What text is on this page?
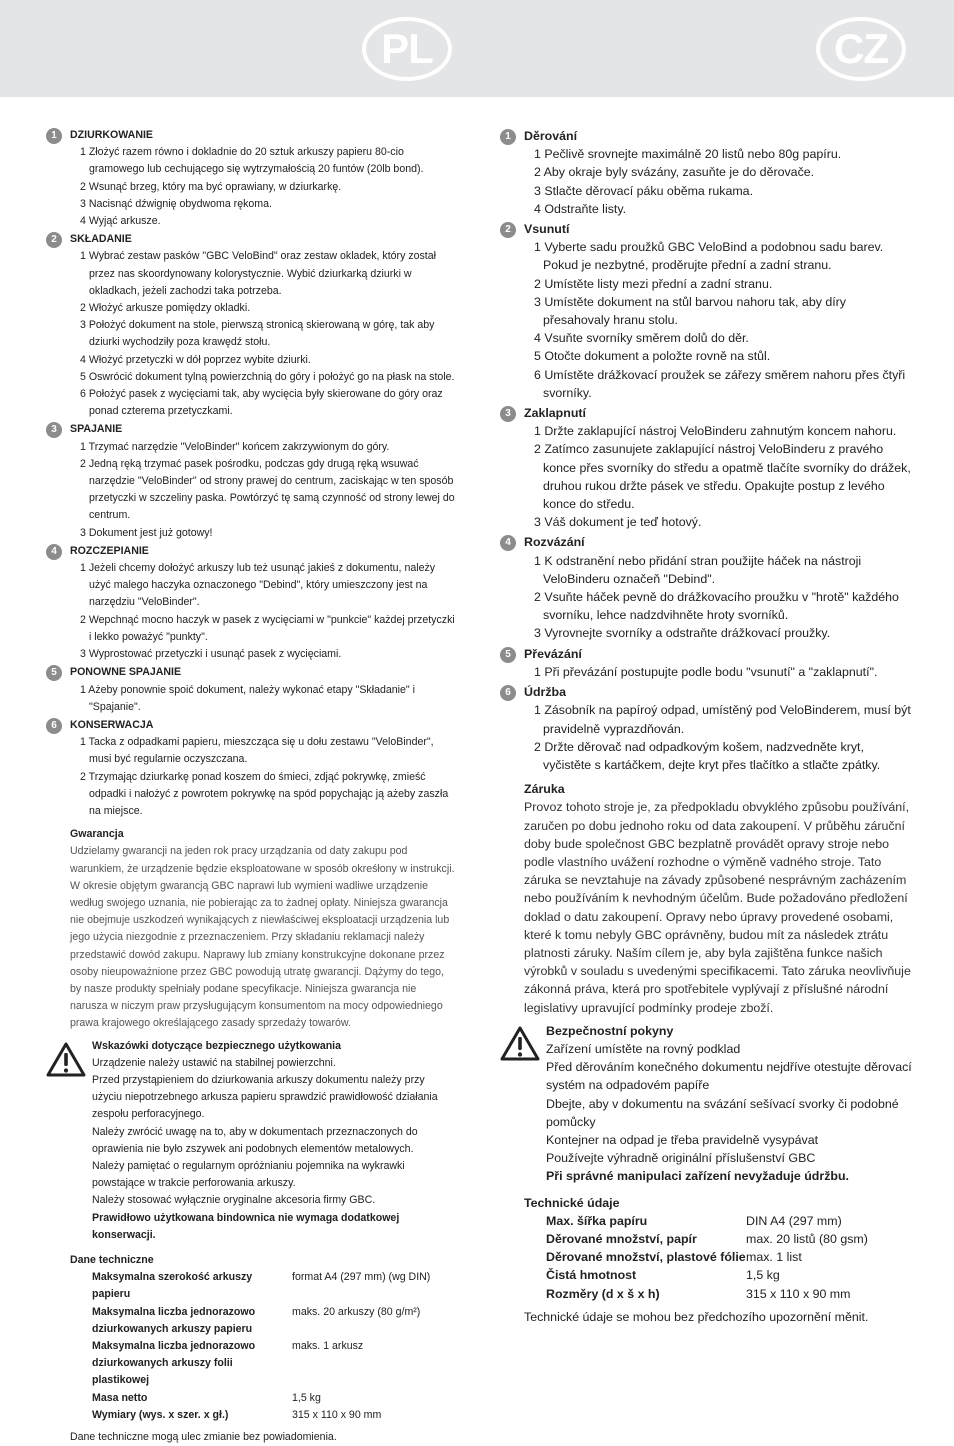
PL	CZ
1	DZIURKOWANIE
1 Złożyć razem równo i dokladnie do 20 sztuk arkuszy papieru 80-cio gramowego lub cechującego się wytrzymałością 20 funtów (20lb bond).
2 Wsunąć brzeg, który ma być oprawiany, w dziurkarkę.
3 Nacisnąć dźwignię obydwoma rękoma.
4 Wyjąć arkusze.
2	SKŁADANIE
1 Wybrać zestaw pasków "GBC VeloBind" oraz zestaw okladek, który został przez nas skoordynowany kolorystycznie. Wybić dziurkarką dziurki w okladkach, jeżeli zachodzi taka potrzeba.
2 Włożyć arkusze pomiędzy okladki.
3 Położyć dokument na stole, pierwszą stronicą skierowaną w górę, tak aby dziurki wychodziły poza krawędź stołu.
4 Włożyć przetyczki w dół poprzez wybite dziurki.
5 Oswrócić dokument tylną powierzchnią do góry i położyć go na płask na stole.
6 Położyć pasek z wycięciami tak, aby wycięcia były skierowane do góry oraz ponad czterema przetyczkami.
3	SPAJANIE
1 Trzymać narzędzie "VeloBinder" końcem zakrzywionym do góry.
2 Jedną ręką trzymać pasek pośrodku, podczas gdy drugą ręką wsuwać narzędzie "VeloBinder" od strony prawej do centrum, zaciskając w ten sposób przetyczki w szczeliny paska. Powtórzyć tę samą czynność od strony lewej do centrum.
3 Dokument jest już gotowy!
4	ROZCZEPIANIE
1 Jeżeli chcemy dołożyć arkuszy lub też usunąć jakieś z dokumentu, należy użyć malego haczyka oznaczonego "Debind", który umieszczony jest na narzędziu "VeloBinder".
2 Wepchnąć mocno haczyk w pasek z wycięciami w "punkcie" każdej przetyczki i lekko poważyć "punkty".
3 Wyprostować przetyczki i usunąć pasek z wycięciami.
5	PONOWNE SPAJANIE
1 Ażeby ponownie spoić dokument, należy wykonać etapy "Składanie" i "Spajanie".
6	KONSERWACJA
1 Tacka z odpadkami papieru, mieszcząca się u dołu zestawu "VeloBinder", musi być regularnie oczyszczana.
2 Trzymając dziurkarkę ponad koszem do śmieci, zdjąć pokrywkę, zmieść odpadki i nałożyć z powrotem pokrywkę na spód popychając ją ażeby zaszła na miejsce.
Gwarancja
Udzielamy gwarancji na jeden rok pracy urządzania od daty zakupu pod warunkiem, że urządzenie będzie eksploatowane w sposób okreśłony w instrukcji. W okresie objętym gwarancją GBC naprawi lub wymieni wadliwe urządzenie według swojego uznania, nie pobierając za to żadnej opłaty. Niniejsza gwarancja nie obejmuje uszkodzeń wynikających z niewłaściwej eksploatacji urządzenia lub jego użycia niezgodnie z przeznaczeniem. Przy składaniu reklamacji należy przedstawić dowód zakupu. Naprawy lub zmiany konstrukcyjne dokonane przez osoby nieupoważnione przez GBC powodują utratę gwarancji. Dążymy do tego, by nasze produkty spełniały podane specyfikacje. Niniejsza gwarancja nie narusza w niczym praw przysługującym konsumentom na mocy odpowiedniego prawa krajowego określającego zasady sprzedaży towarów.
Wskazówki dotyczące bezpiecznego użytkowania
Urządzenie należy ustawić na stabilnej powierzchni.
Przed przystąpieniem do dziurkowania arkuszy dokumentu należy przy użyciu niepotrzebnego arkusza papieru sprawdzić prawidłowość działania zespołu perforacyjnego.
Należy zwrócić uwagę na to, aby w dokumentach przeznaczonych do oprawienia nie było zszywek ani podobnych elementów metalowych.
Należy pamiętać o regularnym opróżnianiu pojemnika na wykrawki powstające w trakcie perforowania arkuszy.
Należy stosować wyłącznie oryginalne akcesoria firmy GBC.
Prawidłowo użytkowana bindownica nie wymaga dodatkowej konserwacji.
Dane techniczne
Maksymalna szerokość arkuszy papieru	format A4 (297 mm) (wg DIN)
Maksymalna liczba jednorazowo dziurkowanych arkuszy papieru	maks. 20 arkuszy (80 g/m²)
Maksymalna liczba jednorazowo dziurkowanych arkuszy folii plastikowej	maks. 1 arkusz
Masa netto	1,5 kg
Wymiary (wys. x szer. x gł.)	315 x 110 x 90 mm
Dane techniczne mogą ulec zmianie bez powiadomienia.
1	Děrování
1 Pečlivě srovnejte maximálně 20 listů nebo 80g papíru.
2 Aby okraje byly svázány, zasuňte je do děrovače.
3 Stlačte děrovací páku oběma rukama.
4 Odstraňte listy.
2	Vsunutí
1 Vyberte sadu proužků GBC VeloBind a podobnou sadu barev. Pokud je nezbytné, proděrujte přední a zadní stranu.
2 Umístěte listy mezi přední a zadní stranu.
3 Umístěte dokument na stůl barvou nahoru tak, aby díry přesahovaly hranu stolu.
4 Vsuňte svorníky směrem dolů do děr.
5 Otočte dokument a položte rovně na stůl.
6 Umístěte drážkovací proužek se zářezy směrem nahoru přes čtyři svorníky.
3	Zaklapnutí
1 Držte zaklapující nástroj VeloBinderu zahnutým koncem nahoru.
2 Zatímco zasunujete zaklapující nástroj VeloBinderu z pravého konce přes svorníky do středu a opatmě tlačíte svorníky do drážek, druhou rukou držte pásek ve středu. Opakujte postup z levého konce do středu.
3 Váš dokument je teď hotový.
4	Rozvázání
1 K odstranění nebo přidání stran použijte háček na nástroji VeloBinderu označeň "Debind".
2 Vsuňte háček pevně do drážkovacího proužku v "hrotě" každého svorníku, lehce nadzdvihněte hroty svorníků.
3 Vyrovnejte svorníky a odstraňte drážkovací proužky.
5	Převázání
1 Při převázání postupujte podle bodu "vsunutí" a "zaklapnutí".
6	Údržba
1 Zásobník na papíroý odpad, umístěný pod VeloBinderem, musí být pravidelně vyprazdňován.
2 Držte děrovač nad odpadkovým košem, nadzvedněte kryt, vyčistěte s kartáčkem, dejte kryt přes tlačítko a stlačte zpátky.
Záruka
Provoz tohoto stroje je, za předpokladu obvyklého způsobu používání, zaručen po dobu jednoho roku od data zakoupení. V průběhu záruční doby bude společnost GBC bezplatně provádět opravy stroje nebo podle vlastního uvážení rozhodne o výměně vadného stroje. Tato záruka se nevztahuje na závady způsobené nesprávným zacházením nebo používáním k nevhodným účelům. Bude požadováno předložení doklad o datu zakoupení. Opravy nebo úpravy provedené osobami, které k tomu nebyly GBC oprávněny, budou mít za následek ztrátu platnosti záruky. Naším cílem je, aby byla zajištěna funkce našich výrobků v souladu s uvedenými specifikacemi. Tato záruka neovlivňuje zákonná práva, která pro spotřebitele vyplývají z příslušné národní legislativy upravující podmínky prodeje zboží.
Bezpečnostní pokyny
Zařízení umístěte na rovný podklad
Před děrováním konečného dokumentu nejdříve otestujte děrovací systém na odpadovém papíře
Dbejte, aby v dokumentu na svázání sešívací svorky či podobné pomůcky
Kontejner na odpad je třeba pravidelně vysypávat
Používejte výhradně originální příslušenství GBC
Při správné manipulaci zařízení nevyžaduje údržbu.
Technické údaje
Max. šířka papíru	DIN A4 (297 mm)
Děrované množství, papír	max. 20 listů (80 gsm)
Děrované množství, plastové fólie	max. 1 list
Čistá hmotnost	1,5 kg
Rozměry (d x š x h)	315 x 110 x 90 mm
Technické údaje se mohou bez předchozího upozornění měnit.
